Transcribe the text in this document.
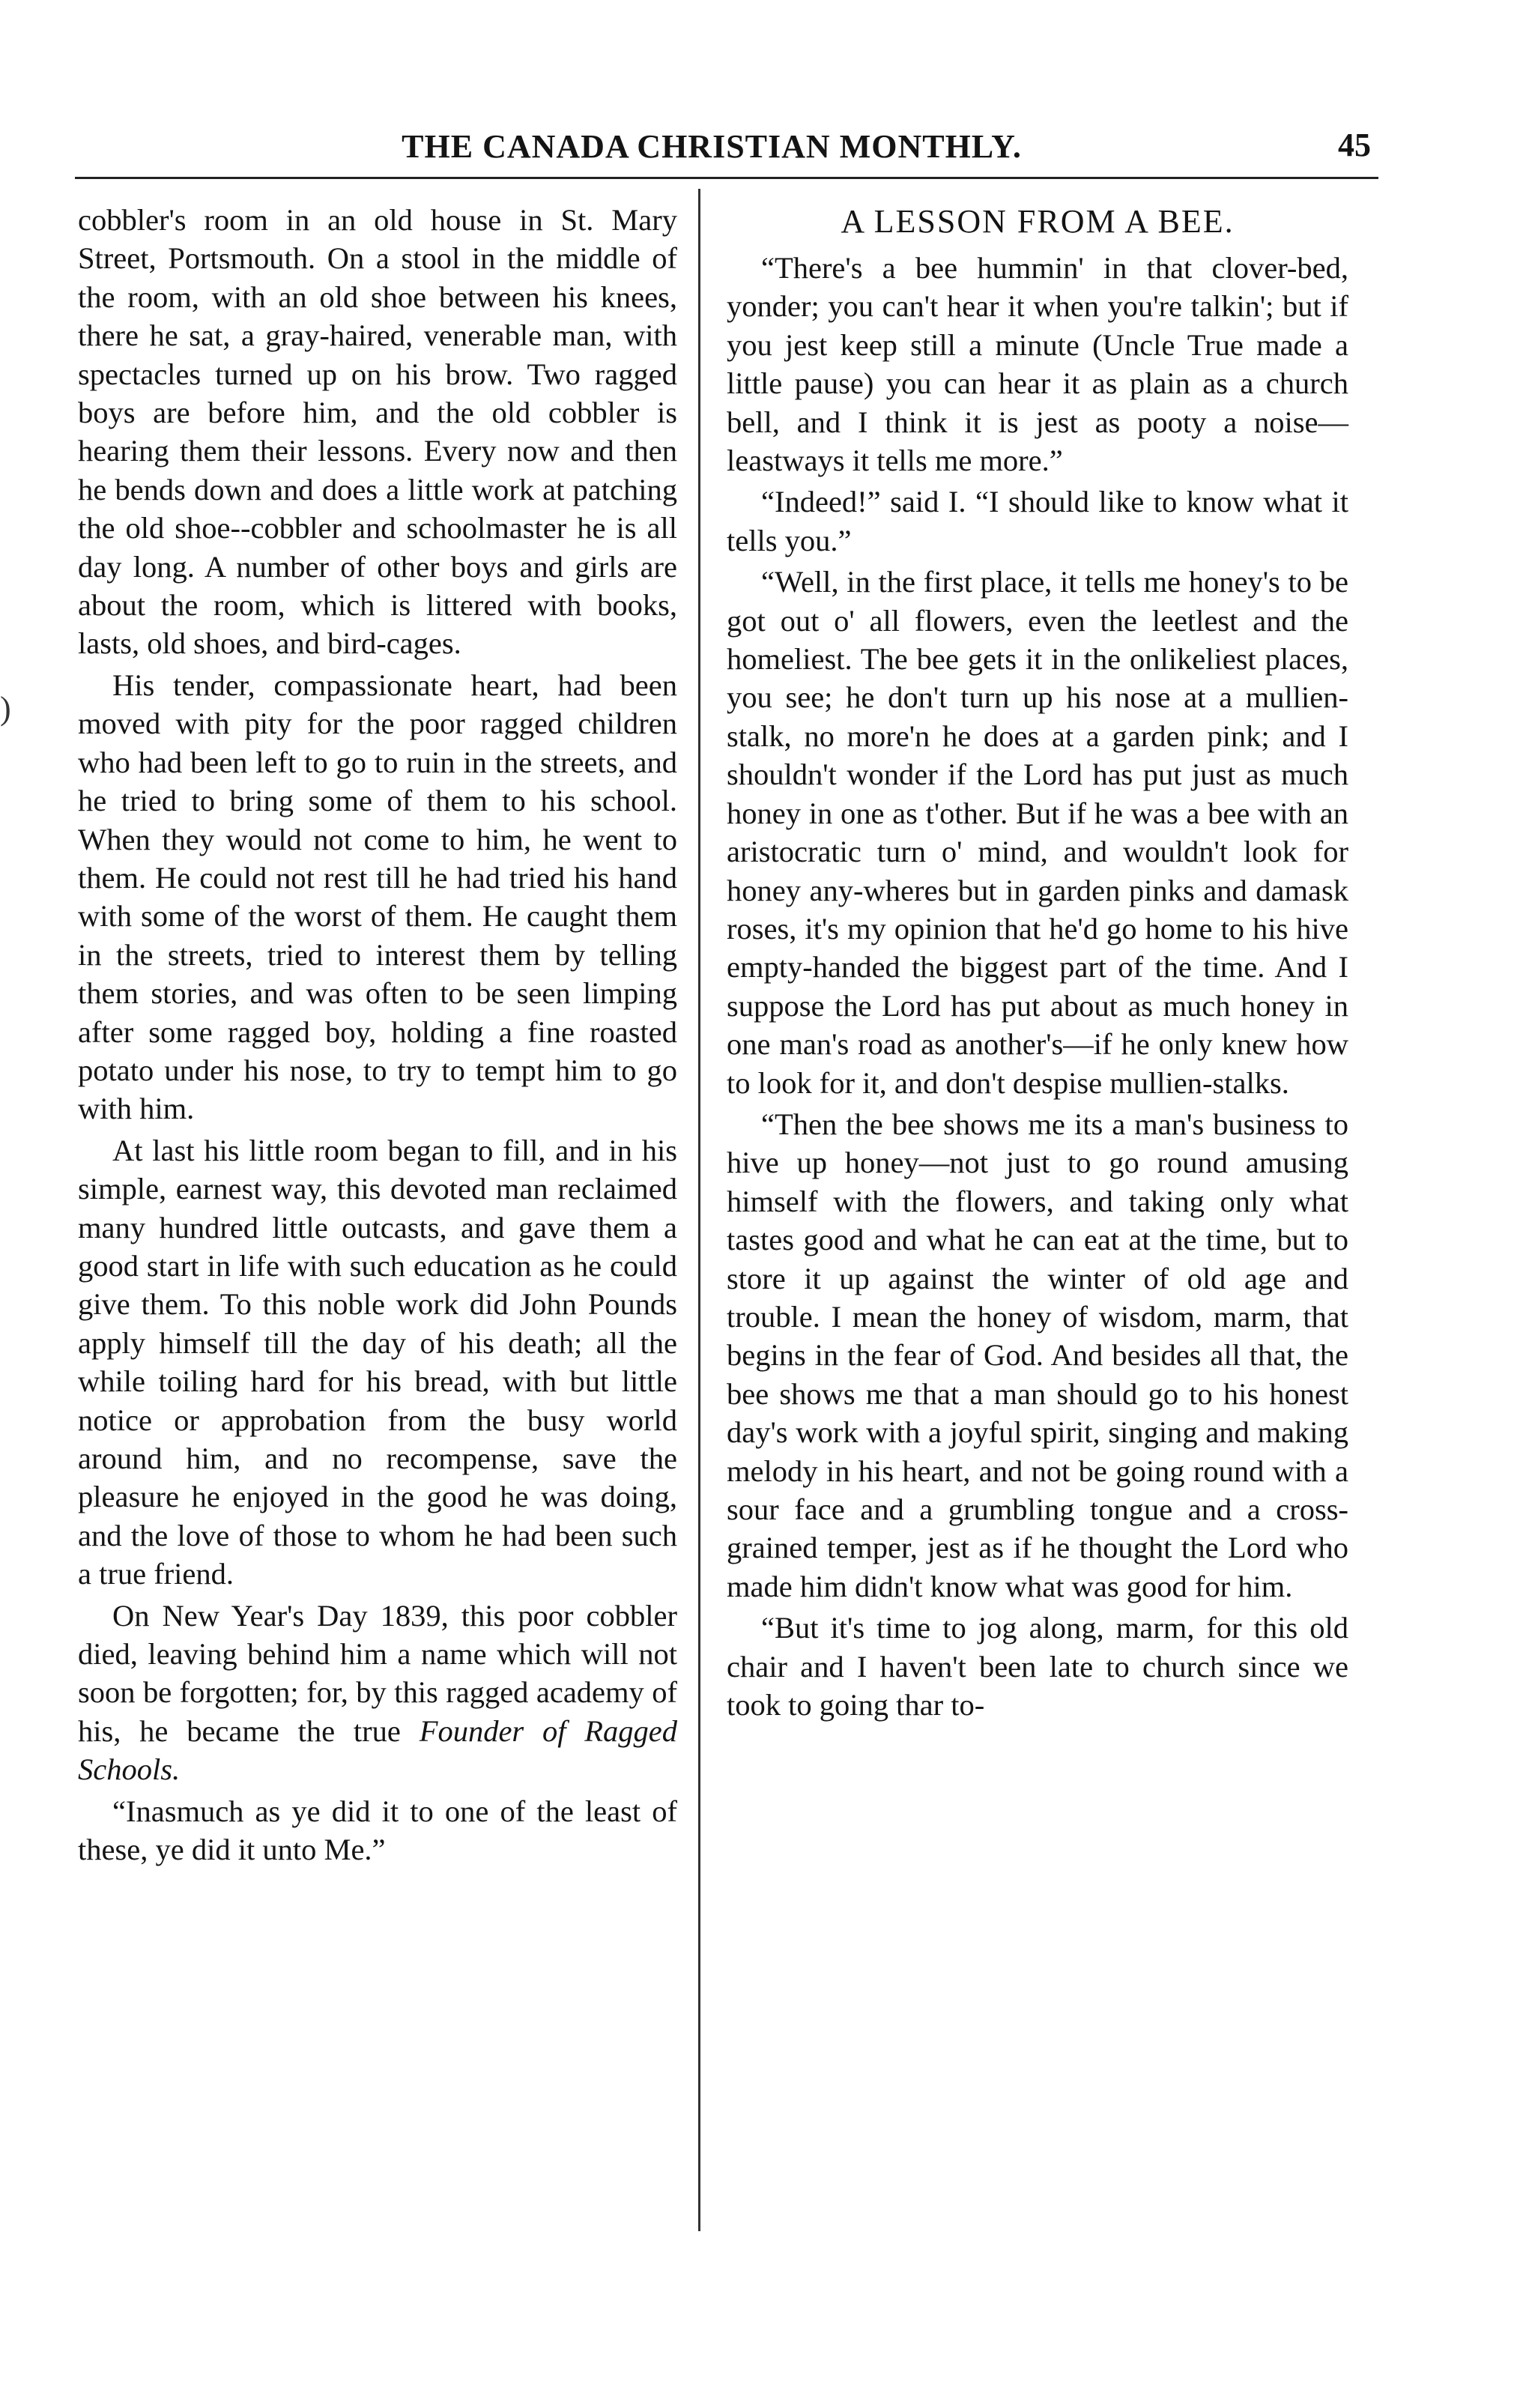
THE CANADA CHRISTIAN MONTHLY.	45
)

cobbler's room in an old house in St. Mary Street, Portsmouth. On a stool in the middle of the room, with an old shoe between his knees, there he sat, a gray-haired, venerable man, with spectacles turned up on his brow. Two ragged boys are before him, and the old cobbler is hearing them their lessons. Every now and then he bends down and does a little work at patching the old shoe--cobbler and schoolmaster he is all day long. A number of other boys and girls are about the room, which is littered with books, lasts, old shoes, and bird-cages.

His tender, compassionate heart, had been moved with pity for the poor ragged children who had been left to go to ruin in the streets, and he tried to bring some of them to his school. When they would not come to him, he went to them. He could not rest till he had tried his hand with some of the worst of them. He caught them in the streets, tried to interest them by telling them stories, and was often to be seen limping after some ragged boy, holding a fine roasted potato under his nose, to try to tempt him to go with him.

At last his little room began to fill, and in his simple, earnest way, this devoted man reclaimed many hundred little outcasts, and gave them a good start in life with such education as he could give them. To this noble work did John Pounds apply himself till the day of his death; all the while toiling hard for his bread, with but little notice or approbation from the busy world around him, and no recompense, save the pleasure he enjoyed in the good he was doing, and the love of those to whom he had been such a true friend.

On New Year's Day 1839, this poor cobbler died, leaving behind him a name which will not soon be forgotten; for, by this ragged academy of his, he became the true Founder of Ragged Schools.

“Inasmuch as ye did it to one of the least of these, ye did it unto Me.”

A LESSON FROM A BEE.

“There's a bee hummin' in that clover-bed, yonder; you can't hear it when you're talkin'; but if you jest keep still a minute (Uncle True made a little pause) you can hear it as plain as a church bell, and I think it is jest as pooty a noise—leastways it tells me more.”

“Indeed!” said I. “I should like to know what it tells you.”

“Well, in the first place, it tells me honey's to be got out o' all flowers, even the leetlest and the homeliest. The bee gets it in the onlikeliest places, you see; he don't turn up his nose at a mullien-stalk, no more'n he does at a garden pink; and I shouldn't wonder if the Lord has put just as much honey in one as t'other. But if he was a bee with an aristocratic turn o' mind, and wouldn't look for honey any-wheres but in garden pinks and damask roses, it's my opinion that he'd go home to his hive empty-handed the biggest part of the time. And I suppose the Lord has put about as much honey in one man's road as another's—if he only knew how to look for it, and don't despise mullien-stalks.

“Then the bee shows me its a man's business to hive up honey—not just to go round amusing himself with the flowers, and taking only what tastes good and what he can eat at the time, but to store it up against the winter of old age and trouble. I mean the honey of wisdom, marm, that begins in the fear of God. And besides all that, the bee shows me that a man should go to his honest day's work with a joyful spirit, singing and making melody in his heart, and not be going round with a sour face and a grumbling tongue and a cross-grained temper, jest as if he thought the Lord who made him didn't know what was good for him.

“But it's time to jog along, marm, for this old chair and I haven't been late to church since we took to going thar to-
